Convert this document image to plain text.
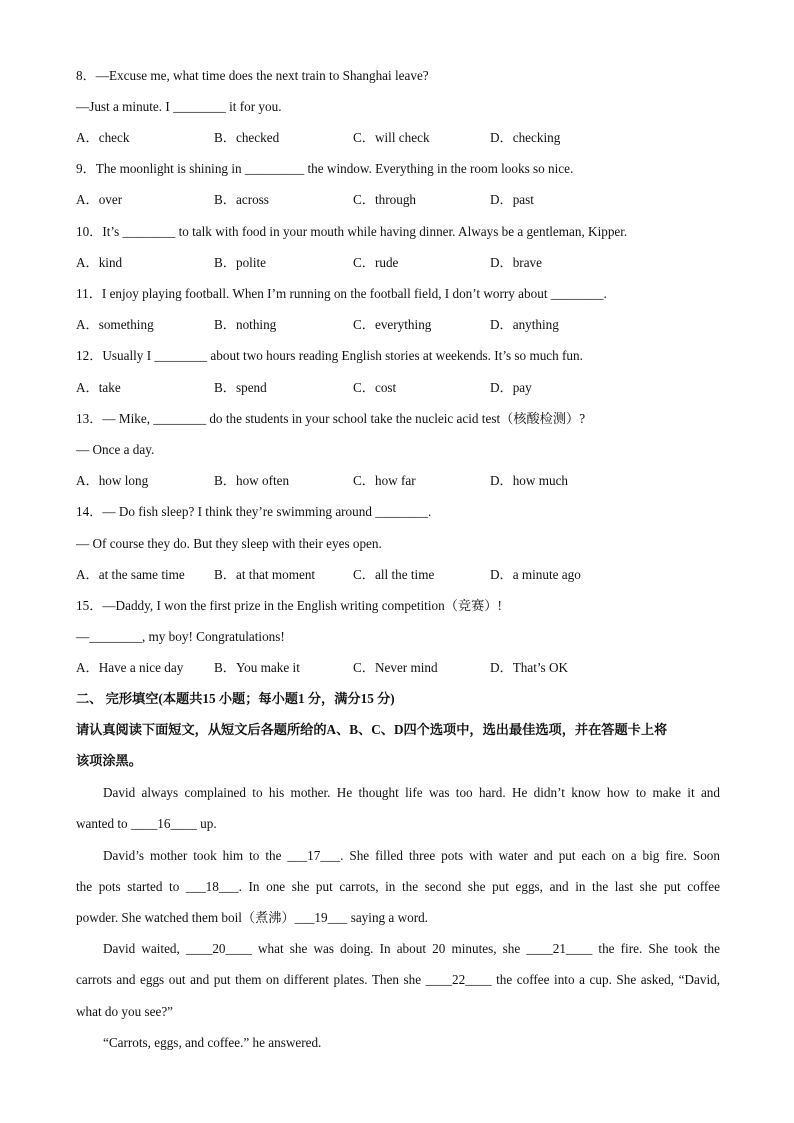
8．—Excuse me, what time does the next train to Shanghai leave?
—Just a minute. I ________ it for you.
A．check	B．checked	C．will check	D．checking
9．The moonlight is shining in _________ the window. Everything in the room looks so nice.
A．over	B．across	C．through	D．past
10．It’s ________ to talk with food in your mouth while having dinner. Always be a gentleman, Kipper.
A．kind	B．polite	C．rude	D．brave
11．I enjoy playing football. When I’m running on the football field, I don’t worry about ________.
A．something	B．nothing	C．everything	D．anything
12．Usually I ________ about two hours reading English stories at weekends. It’s so much fun.
A．take	B．spend	C．cost	D．pay
13．— Mike, ________ do the students in your school take the nucleic acid test（核酸检测）?
— Once a day.
A．how long	B．how often	C．how far	D．how much
14．— Do fish sleep? I think they’re swimming around ________.
— Of course they do. But they sleep with their eyes open.
A．at the same time B．at that moment	C．all the time	D．a minute ago
15．—Daddy, I won the first prize in the English writing competition（竞赛）!
—________, my boy! Congratulations!
A．Have a nice day B．You make it	C．Never mind	D．That’s OK
二、 完形填空(本题共15 小题；每小题1 分，满分15 分)
请认真阅读下面短文，从短文后各题所给的A、B、C、D四个选项中，选出最佳选项，并在答题卡上将
该项涂黑。
David always complained to his mother. He thought life was too hard. He didn’t know how to make it and
wanted to ____16____ up.
David’s mother took him to the ___17___. She filled three pots with water and put each on a big fire. Soon
the pots started to ___18___. In one she put carrots, in the second she put eggs, and in the last she put coffee
powder. She watched them boil（煮沸）___19___ saying a word.
David waited, ____20____ what she was doing. In about 20 minutes, she ____21____ the fire. She took the
carrots and eggs out and put them on different plates. Then she ____22____ the coffee into a cup. She asked, “David,
what do you see?”
“Carrots, eggs, and coffee.” he answered.
